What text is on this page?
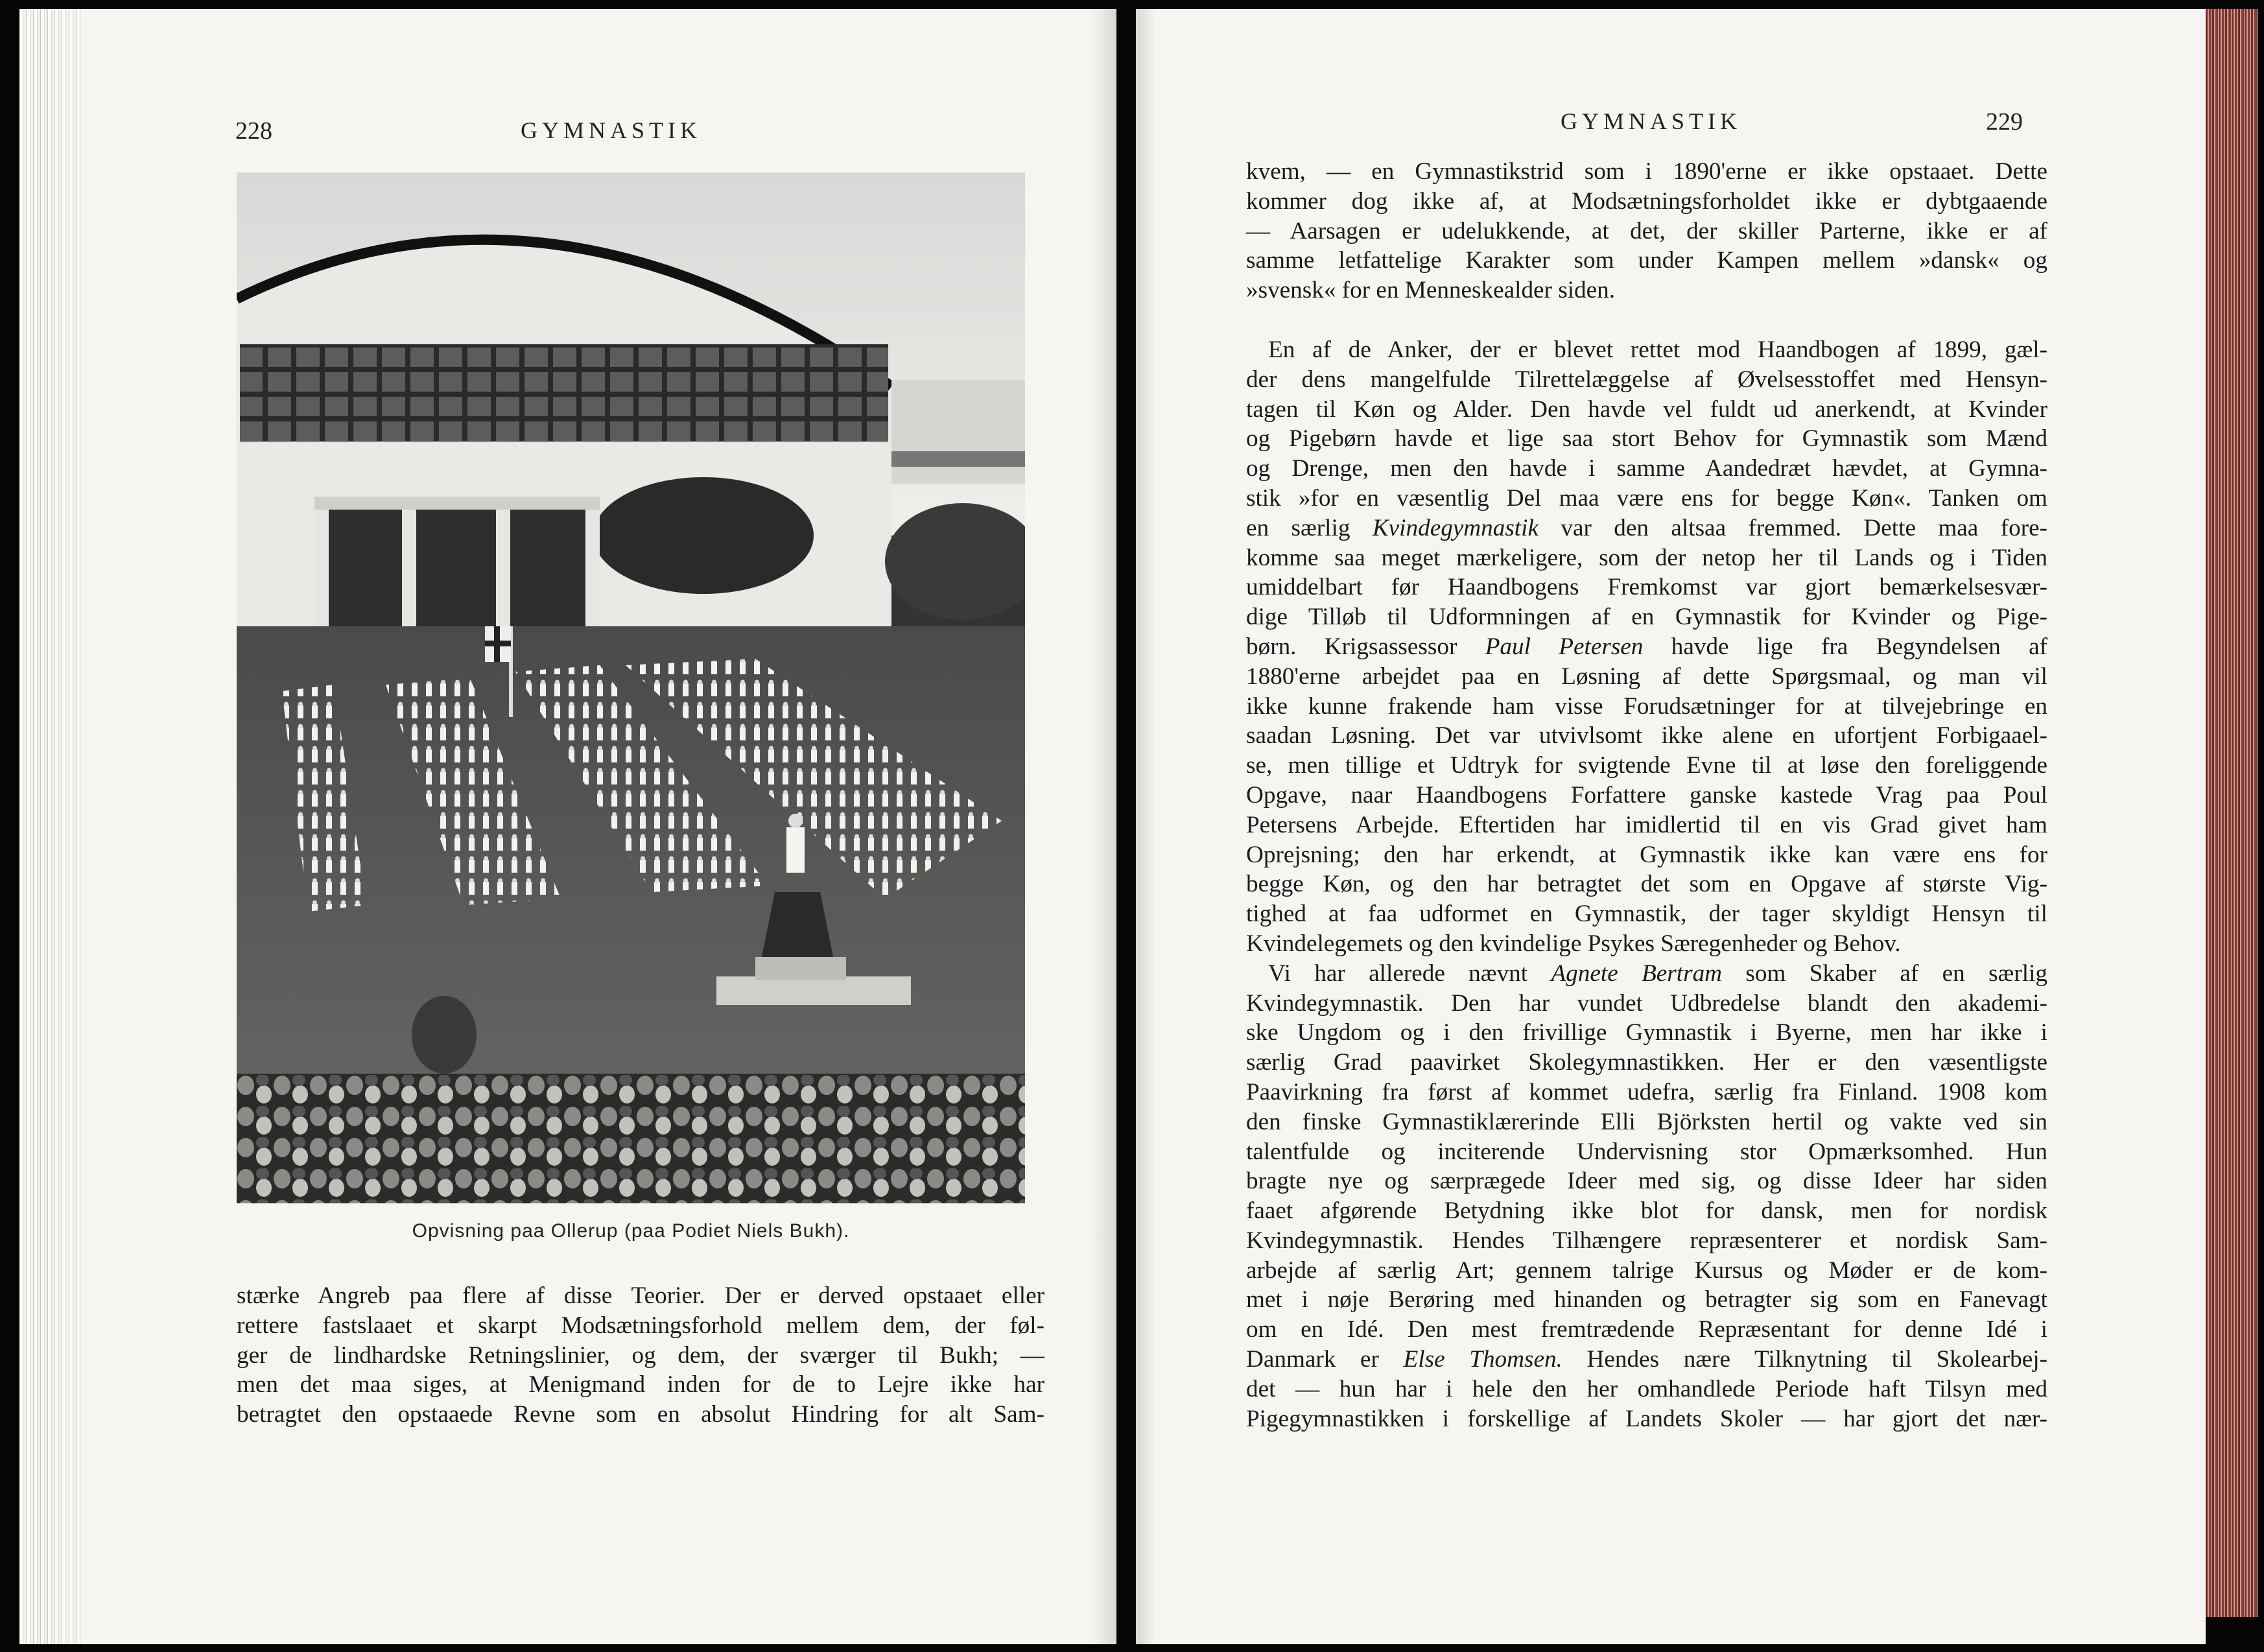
228	GYMNASTIK
Opvisning paa Ollerup (paa Podiet Niels Bukh).
stærke Angreb paa flere af disse Teorier. Der er derved opstaaet eller
rettere fastslaaet et skarpt Modsætningsforhold mellem dem, der føl-
ger de lindhardske Retningslinier, og dem, der sværger til Bukh; —
men det maa siges, at Menigmand inden for de to Lejre ikke har
betragtet den opstaaede Revne som en absolut Hindring for alt Sam-
GYMNASTIK	229
kvem, — en Gymnastikstrid som i 1890'erne er ikke opstaaet. Dette
kommer dog ikke af, at Modsætningsforholdet ikke er dybtgaaende
— Aarsagen er udelukkende, at det, der skiller Parterne, ikke er af
samme letfattelige Karakter som under Kampen mellem »dansk« og
»svensk« for en Menneskealder siden.
En af de Anker, der er blevet rettet mod Haandbogen af 1899, gæl-
der dens mangelfulde Tilrettelæggelse af Øvelsesstoffet med Hensyn-
tagen til Køn og Alder. Den havde vel fuldt ud anerkendt, at Kvinder
og Pigebørn havde et lige saa stort Behov for Gymnastik som Mænd
og Drenge, men den havde i samme Aandedræt hævdet, at Gymna-
stik »for en væsentlig Del maa være ens for begge Køn«. Tanken om
en særlig Kvindegymnastik var den altsaa fremmed. Dette maa fore-
komme saa meget mærkeligere, som der netop her til Lands og i Tiden
umiddelbart før Haandbogens Fremkomst var gjort bemærkelsesvær-
dige Tilløb til Udformningen af en Gymnastik for Kvinder og Pige-
børn. Krigsassessor Paul Petersen havde lige fra Begyndelsen af
1880'erne arbejdet paa en Løsning af dette Spørgsmaal, og man vil
ikke kunne frakende ham visse Forudsætninger for at tilvejebringe en
saadan Løsning. Det var utvivlsomt ikke alene en ufortjent Forbigaael-
se, men tillige et Udtryk for svigtende Evne til at løse den foreliggende
Opgave, naar Haandbogens Forfattere ganske kastede Vrag paa Poul
Petersens Arbejde. Eftertiden har imidlertid til en vis Grad givet ham
Oprejsning; den har erkendt, at Gymnastik ikke kan være ens for
begge Køn, og den har betragtet det som en Opgave af største Vig-
tighed at faa udformet en Gymnastik, der tager skyldigt Hensyn til
Kvindelegemets og den kvindelige Psykes Særegenheder og Behov.
Vi har allerede nævnt Agnete Bertram som Skaber af en særlig
Kvindegymnastik. Den har vundet Udbredelse blandt den akademi-
ske Ungdom og i den frivillige Gymnastik i Byerne, men har ikke i
særlig Grad paavirket Skolegymnastikken. Her er den væsentligste
Paavirkning fra først af kommet udefra, særlig fra Finland. 1908 kom
den finske Gymnastiklærerinde Elli Björksten hertil og vakte ved sin
talentfulde og inciterende Undervisning stor Opmærksomhed. Hun
bragte nye og særprægede Ideer med sig, og disse Ideer har siden
faaet afgørende Betydning ikke blot for dansk, men for nordisk
Kvindegymnastik. Hendes Tilhængere repræsenterer et nordisk Sam-
arbejde af særlig Art; gennem talrige Kursus og Møder er de kom-
met i nøje Berøring med hinanden og betragter sig som en Fanevagt
om en Idé. Den mest fremtrædende Repræsentant for denne Idé i
Danmark er Else Thomsen. Hendes nære Tilknytning til Skolearbej-
det — hun har i hele den her omhandlede Periode haft Tilsyn med
Pigegymnastikken i forskellige af Landets Skoler — har gjort det nær-
